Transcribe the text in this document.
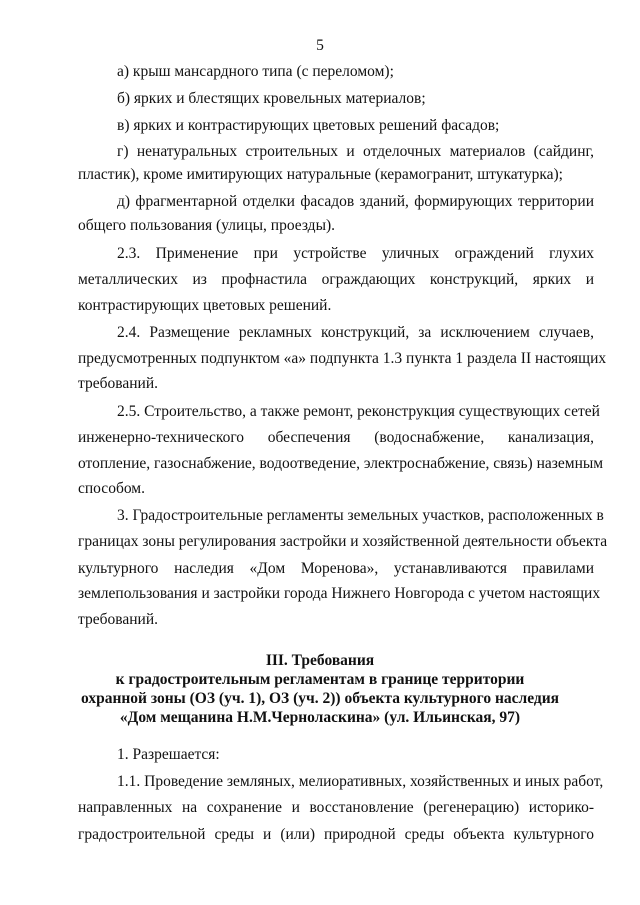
5
а) крыш мансардного типа (с переломом);
б) ярких и блестящих кровельных материалов;
в) ярких и контрастирующих цветовых решений фасадов;
г) ненатуральных строительных и отделочных материалов (сайдинг,
пластик), кроме имитирующих натуральные (керамогранит, штукатурка);
д) фрагментарной отделки фасадов зданий, формирующих территории
общего пользования (улицы, проезды).
2.3. Применение при устройстве уличных ограждений глухих
металлических из профнастила ограждающих конструкций, ярких и
контрастирующих цветовых решений.
2.4. Размещение рекламных конструкций, за исключением случаев,
предусмотренных подпунктом «а» подпункта 1.3 пункта 1 раздела II настоящих
требований.
2.5. Строительство, а также ремонт, реконструкция существующих сетей
инженерно-технического обеспечения (водоснабжение, канализация,
отопление, газоснабжение, водоотведение, электроснабжение, связь) наземным
способом.
3. Градостроительные регламенты земельных участков, расположенных в
границах зоны регулирования застройки и хозяйственной деятельности объекта
культурного наследия «Дом Моренова», устанавливаются правилами
землепользования и застройки города Нижнего Новгорода с учетом настоящих
требований.
III. Требования
к градостроительным регламентам в границе территории
охранной зоны (ОЗ (уч. 1), ОЗ (уч. 2)) объекта культурного наследия
«Дом мещанина Н.М.Черноласкина» (ул. Ильинская, 97)
1. Разрешается:
1.1. Проведение земляных, мелиоративных, хозяйственных и иных работ,
направленных на сохранение и восстановление (регенерацию) историко-
градостроительной среды и (или) природной среды объекта культурного
